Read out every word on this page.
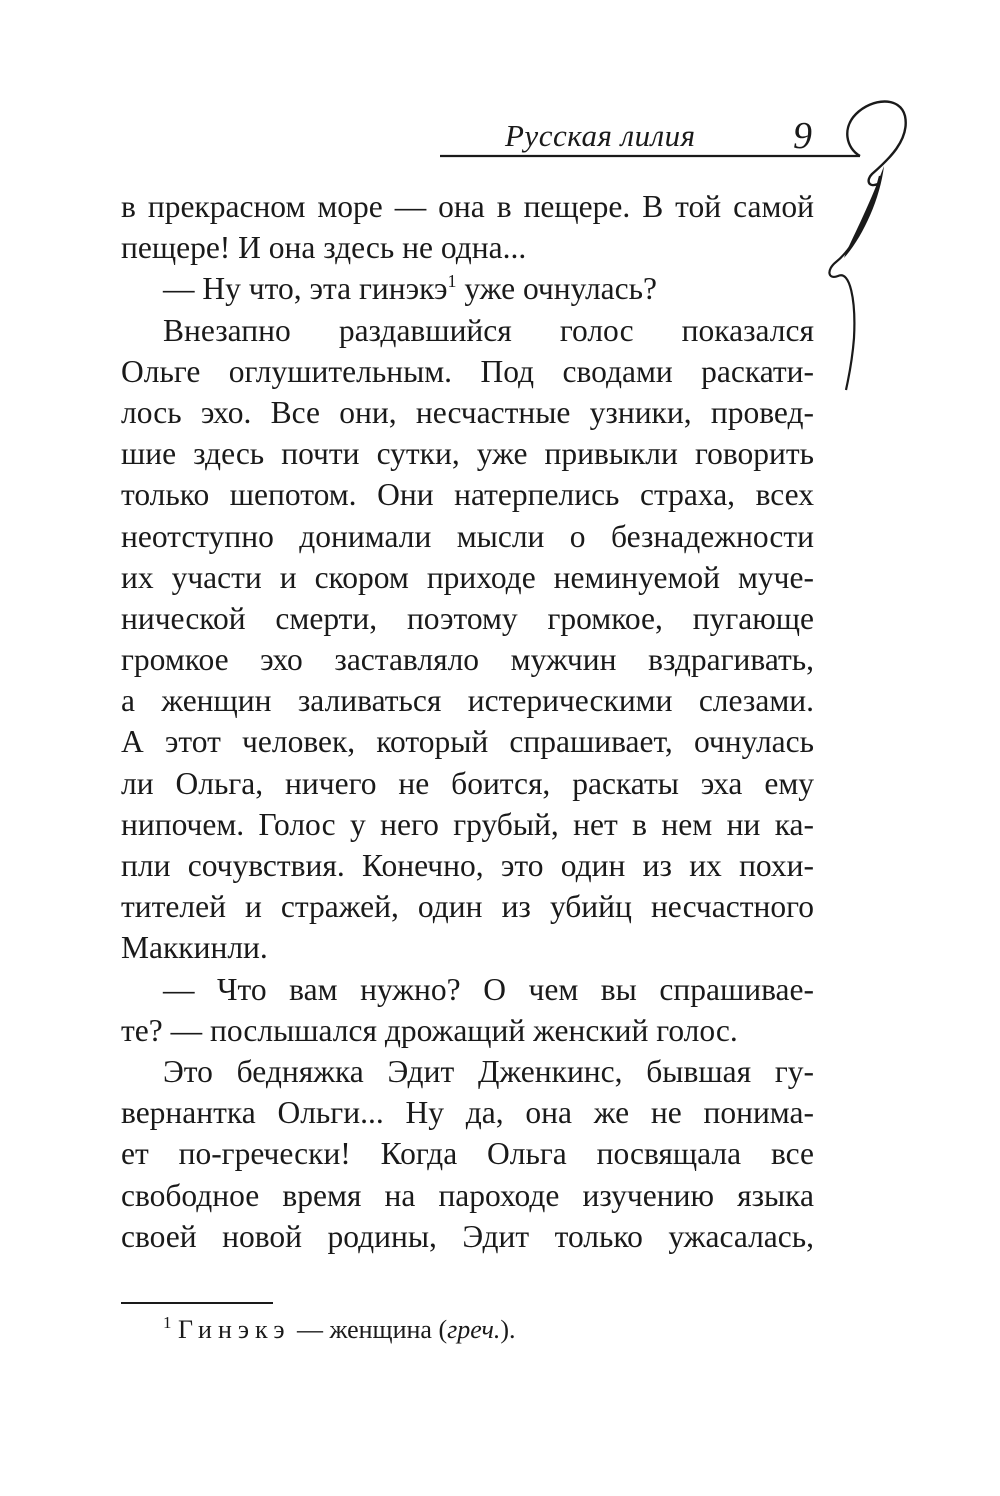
Русская лилия	9
в прекрасном море — она в пещере. В той самой
пещере! И она здесь не одна...
— Ну что, эта гинэкэ$^1$ уже очнулась?
Внезапно раздавшийся голос показался
Ольге оглушительным. Под сводами раскати-
лось эхо. Все они, несчастные узники, провед-
шие здесь почти сутки, уже привыкли говорить
только шепотом. Они натерпелись страха, всех
неотступно донимали мысли о безнадежности
их участи и скором приходе неминуемой муче-
нической смерти, поэтому громкое, пугающе
громкое эхо заставляло мужчин вздрагивать,
а женщин заливаться истерическими слезами.
А этот человек, который спрашивает, очнулась
ли Ольга, ничего не боится, раскаты эха ему
нипочем. Голос у него грубый, нет в нем ни ка-
пли сочувствия. Конечно, это один из их похи-
тителей и стражей, один из убийц несчастного
Маккинли.
— Что вам нужно? О чем вы спрашивае-
те? — послышался дрожащий женский голос.
Это бедняжка Эдит Дженкинс, бывшая гу-
вернантка Ольги... Ну да, она же не понима-
ет по-гречески! Когда Ольга посвящала все
свободное время на пароходе изучению языка
своей новой родины, Эдит только ужасалась,
$^1$ Гинэкэ — женщина (греч.).
